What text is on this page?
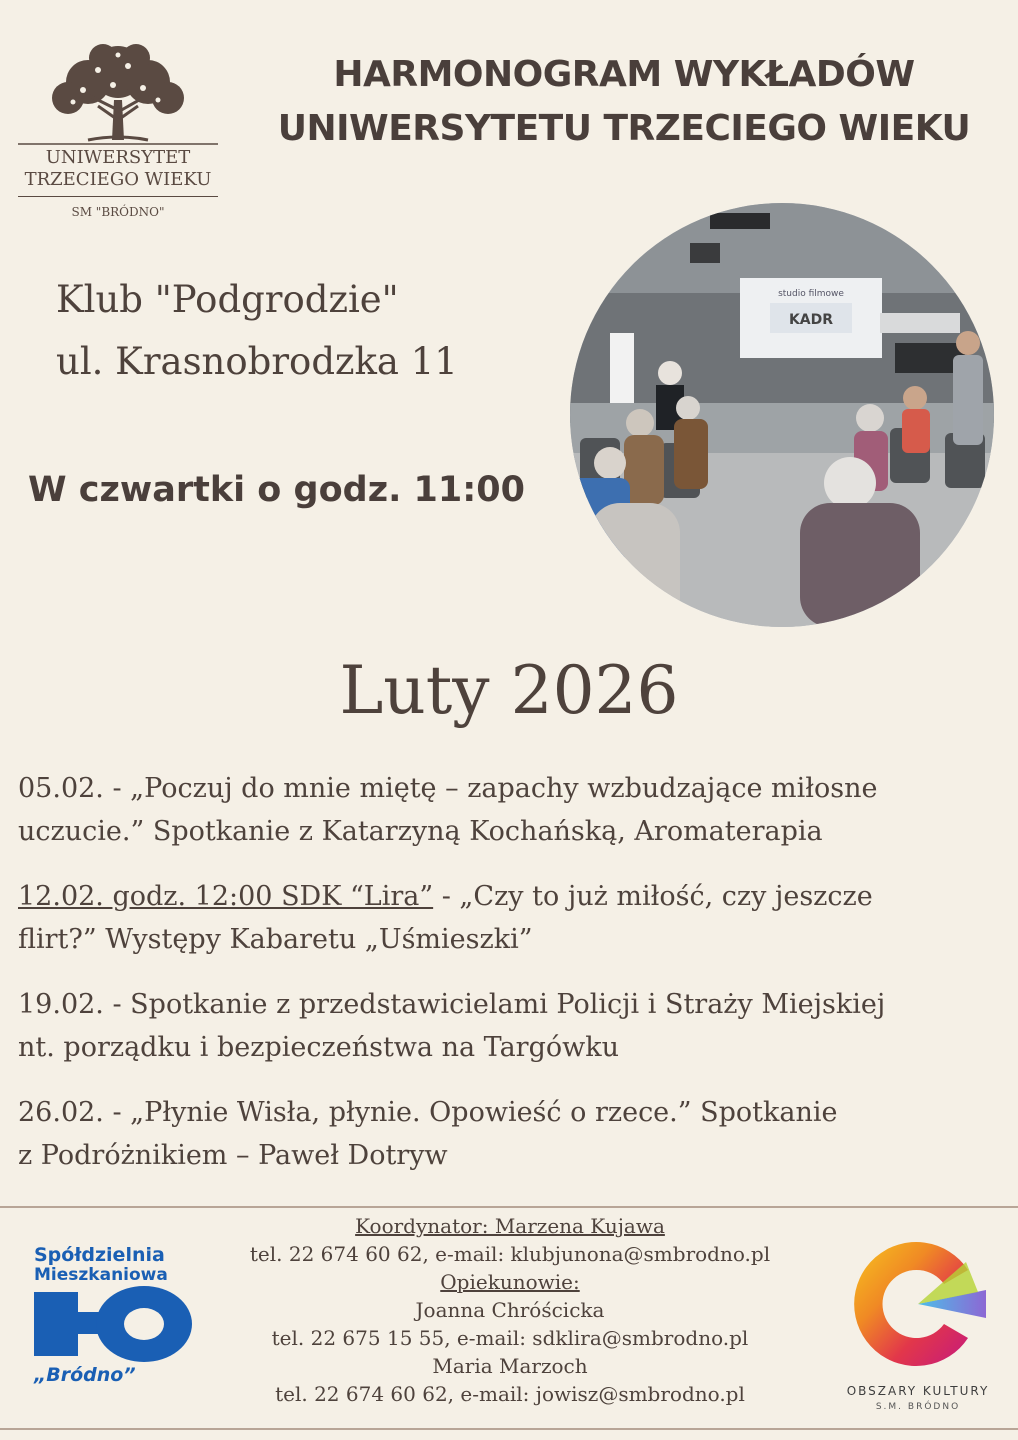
UNIWERSYTET
TRZECIEGO WIEKU
SM "BRÓDNO"
HARMONOGRAM WYKŁADÓW
UNIWERSYTETU TRZECIEGO WIEKU
Klub "Podgrodzie"
ul. Krasnobrodzka 11
W czwartki o godz. 11:00
studio filmowe
KADR
Luty 2026
05.02. - „Poczuj do mnie miętę – zapachy wzbudzające miłosne
uczucie.” Spotkanie z Katarzyną Kochańską, Aromaterapia
12.02. godz. 12:00 SDK “Lira” - „Czy to już miłość, czy jeszcze
flirt?” Występy Kabaretu „Uśmieszki”
19.02. - Spotkanie z przedstawicielami Policji i Straży Miejskiej
nt. porządku i bezpieczeństwa na Targówku
26.02. - „Płynie Wisła, płynie. Opowieść o rzece.” Spotkanie
z Podróżnikiem – Paweł Dotryw
Koordynator: Marzena Kujawa
tel. 22 674 60 62, e-mail: klubjunona@smbrodno.pl
Opiekunowie:
Joanna Chróścicka
tel. 22 675 15 55, e-mail: sdklira@smbrodno.pl
Maria Marzoch
tel. 22 674 60 62, e-mail: jowisz@smbrodno.pl
Spółdzielnia
Mieszkaniowa
„Bródno”
OBSZARY KULTURY
S.M. BRÓDNO
